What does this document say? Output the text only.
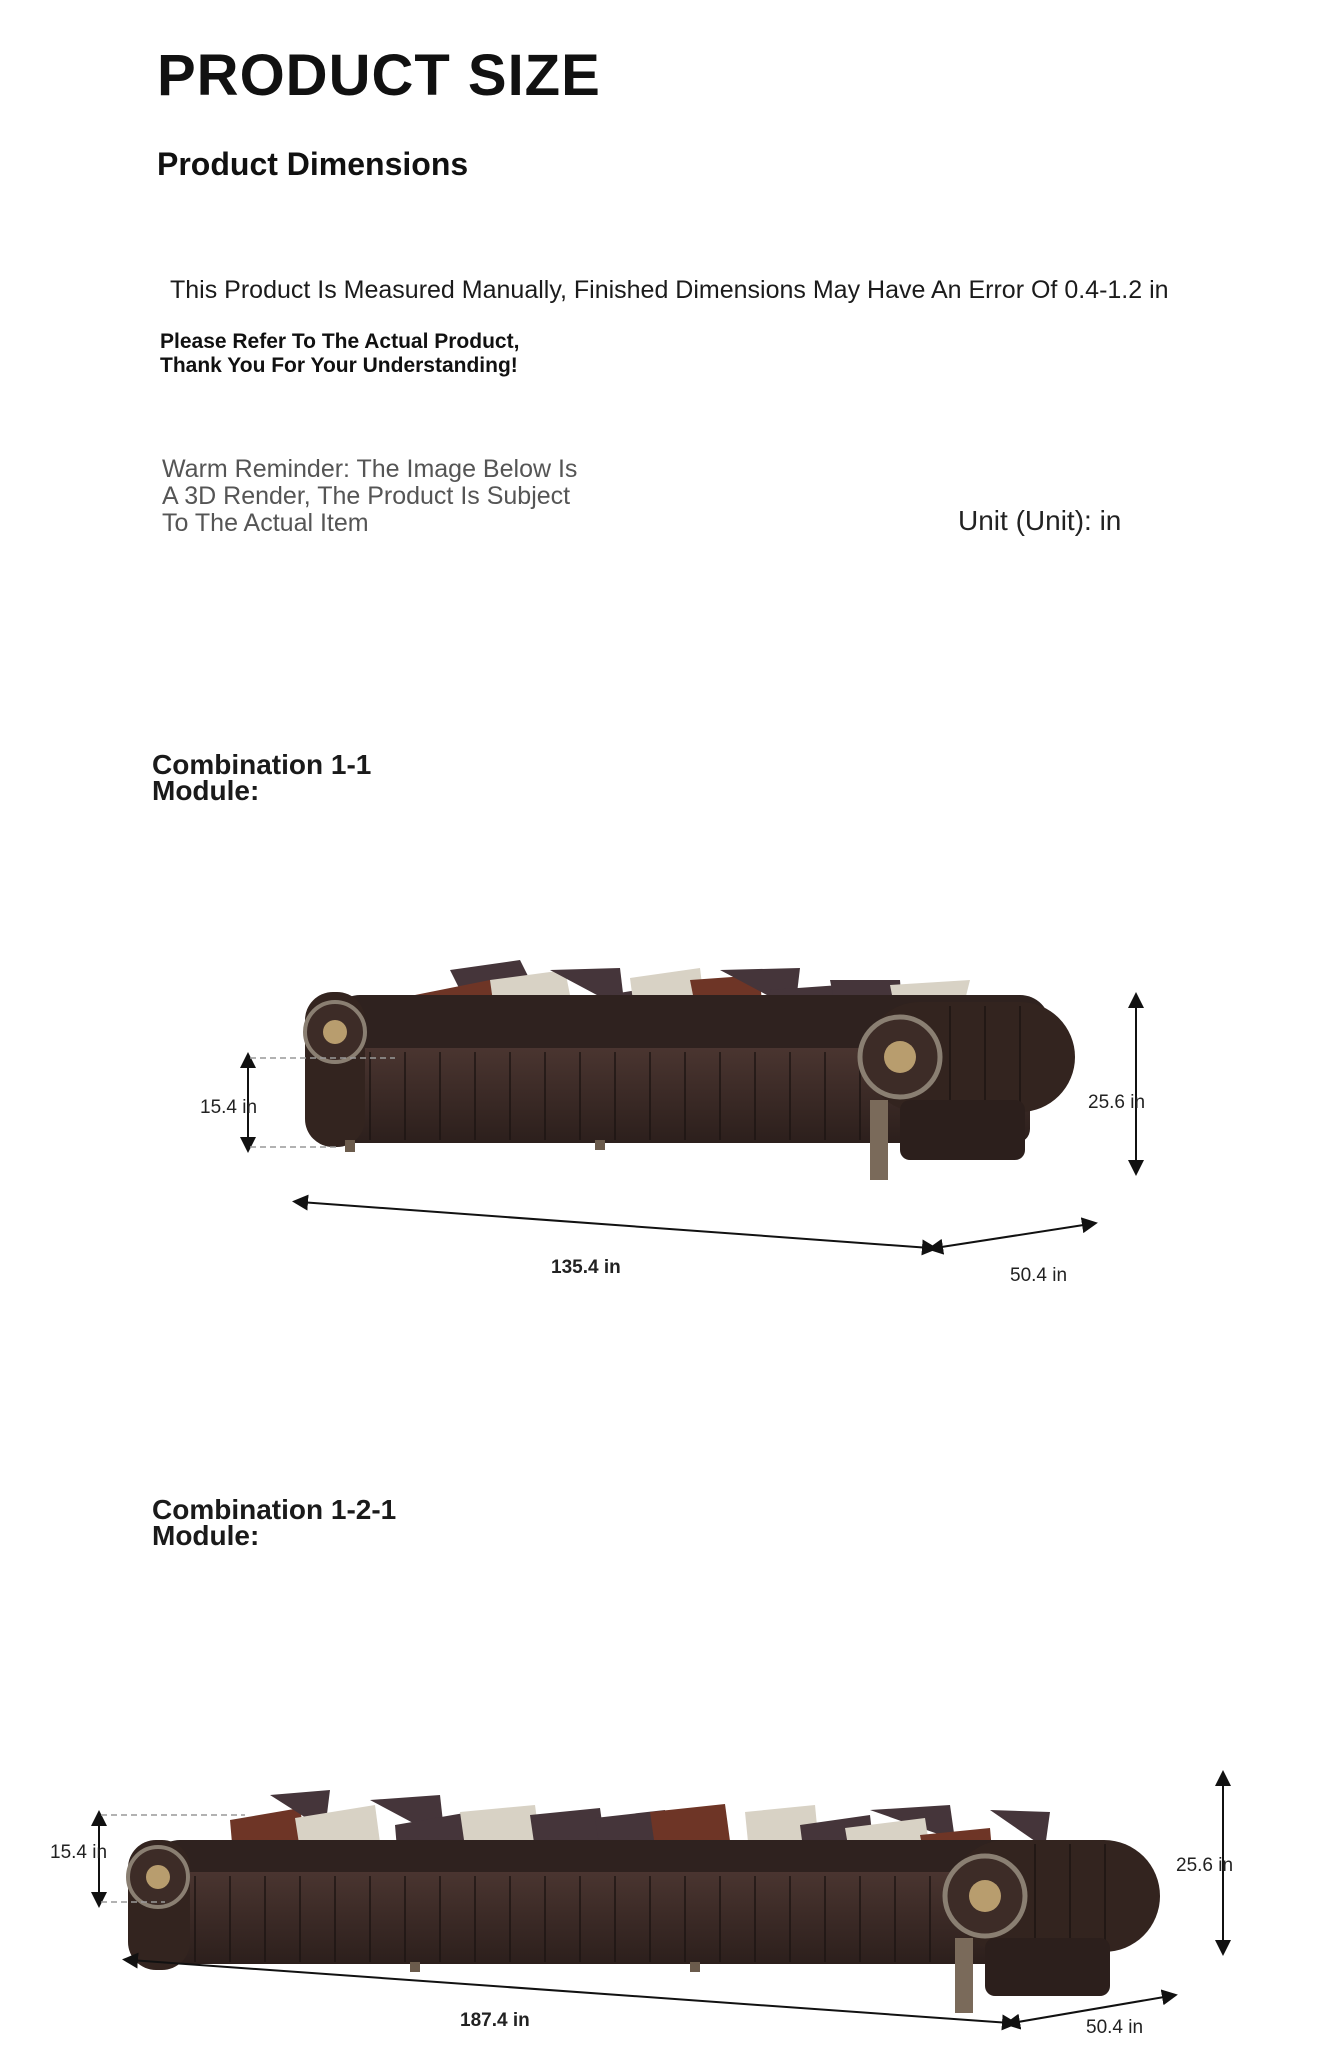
PRODUCT SIZE
Product Dimensions
This Product Is Measured Manually, Finished Dimensions May Have An Error Of 0.4-1.2 in
Please Refer To The Actual Product,
Thank You For Your Understanding!
Warm Reminder: The Image Below Is
A 3D Render, The Product Is Subject
To The Actual Item	Unit (Unit): in
Combination 1-1
Module:
15.4 in	25.6 in
135.4 in	50.4 in
Combination 1-2-1
Module:
15.4 in
25.6 in
187.4 in	50.4 in
